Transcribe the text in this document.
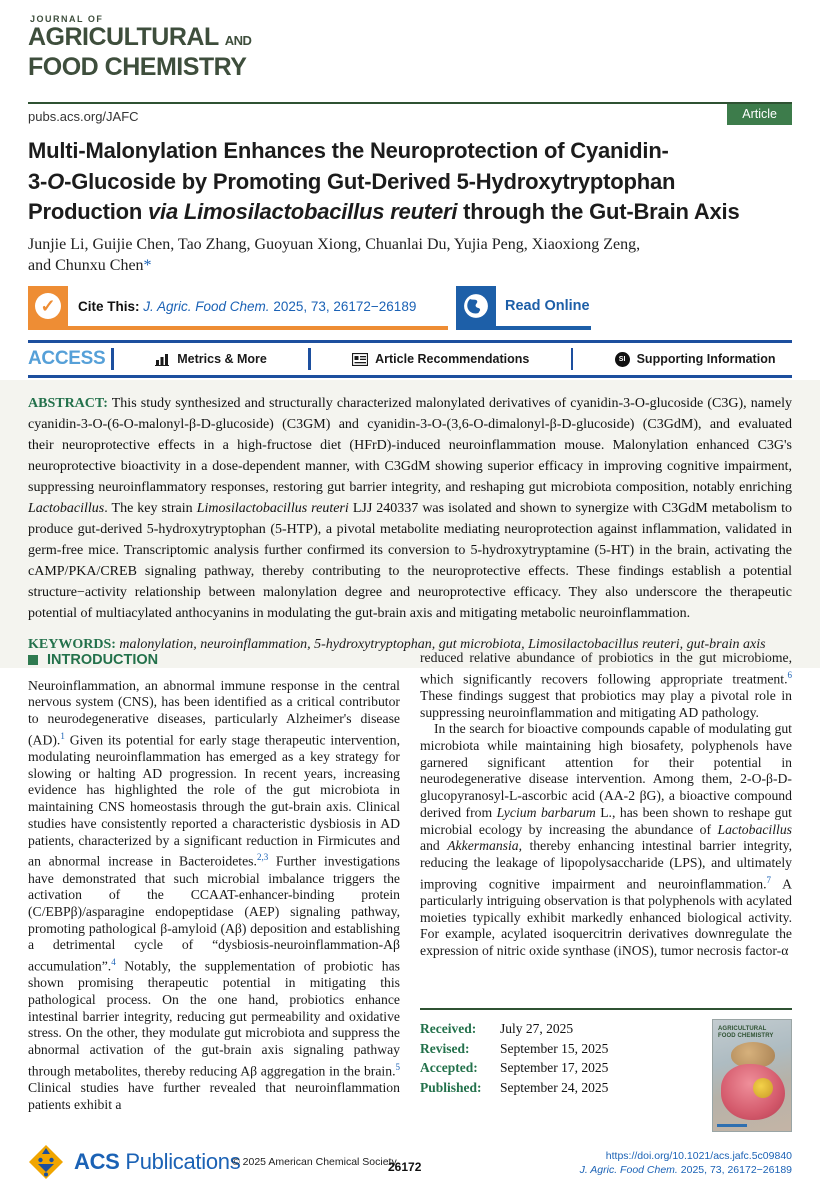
JOURNAL OF
AGRICULTURAL AND
FOOD CHEMISTRY
pubs.acs.org/JAFC	Article
Multi-Malonylation Enhances the Neuroprotection of Cyanidin-
3-O-Glucoside by Promoting Gut-Derived 5-Hydroxytryptophan
Production via Limosilactobacillus reuteri through the Gut-Brain Axis
Junjie Li, Guijie Chen, Tao Zhang, Guoyuan Xiong, Chuanlai Du, Yujia Peng, Xiaoxiong Zeng,
and Chunxu Chen*
✓	Cite This: J. Agric. Food Chem. 2025, 73, 26172−26189	Read Online
ACCESS	Metrics & More	Article Recommendations	SI Supporting Information
ABSTRACT: This study synthesized and structurally characterized malonylated derivatives of cyanidin-3-O-glucoside (C3G), namely cyanidin-3-O-(6-O-malonyl-β-D-glucoside) (C3GM) and cyanidin-3-O-(3,6-O-dimalonyl-β-D-glucoside) (C3GdM), and evaluated their neuroprotective effects in a high-fructose diet (HFrD)-induced neuroinflammation mouse. Malonylation enhanced C3G's neuroprotective bioactivity in a dose-dependent manner, with C3GdM showing superior efficacy in improving cognitive impairment, suppressing neuroinflammatory responses, restoring gut barrier integrity, and reshaping gut microbiota composition, notably enriching Lactobacillus. The key strain Limosilactobacillus reuteri LJJ 240337 was isolated and shown to synergize with C3GdM metabolism to produce gut-derived 5-hydroxytryptophan (5-HTP), a pivotal metabolite mediating neuroprotection against inflammation, validated in germ-free mice. Transcriptomic analysis further confirmed its conversion to 5-hydroxytryptamine (5-HT) in the brain, activating the cAMP/PKA/CREB signaling pathway, thereby contributing to the neuroprotective effects. These findings establish a potential structure−activity relationship between malonylation degree and neuroprotective efficacy. They also underscore the therapeutic potential of multiacylated anthocyanins in modulating the gut-brain axis and mitigating metabolic neuroinflammation.
KEYWORDS: malonylation, neuroinflammation, 5-hydroxytryptophan, gut microbiota, Limosilactobacillus reuteri, gut-brain axis
INTRODUCTION

Neuroinflammation, an abnormal immune response in the central nervous system (CNS), has been identified as a critical contributor to neurodegenerative diseases, particularly Alzheimer's disease (AD).$^1$ Given its potential for early stage therapeutic intervention, modulating neuroinflammation has emerged as a key strategy for slowing or halting AD progression. In recent years, increasing evidence has highlighted the role of the gut microbiota in maintaining CNS homeostasis through the gut-brain axis. Clinical studies have consistently reported a characteristic dysbiosis in AD patients, characterized by a significant reduction in Firmicutes and an abnormal increase in Bacteroidetes.$^{2,3}$ Further investigations have demonstrated that such microbial imbalance triggers the activation of the CCAAT-enhancer-binding protein (C/EBPβ)/asparagine endopeptidase (AEP) signaling pathway, promoting pathological β-amyloid (Aβ) deposition and establishing a detrimental cycle of “dysbiosis-neuroinflammation-Aβ accumulation”.$^4$ Notably, the supplementation of probiotic has shown promising therapeutic potential in mitigating this pathological process. On the one hand, probiotics enhance intestinal barrier integrity, reducing gut permeability and oxidative stress. On the other, they modulate gut microbiota and suppress the abnormal activation of the gut-brain axis signaling pathway through metabolites, thereby reducing Aβ aggregation in the brain.$^5$ Clinical studies have further revealed that neuroinflammation patients exhibit a

reduced relative abundance of probiotics in the gut microbiome, which significantly recovers following appropriate treatment.$^6$ These findings suggest that probiotics may play a pivotal role in suppressing neuroinflammation and mitigating AD pathology.

In the search for bioactive compounds capable of modulating gut microbiota while maintaining high biosafety, polyphenols have garnered significant attention for their potential in neurodegenerative disease intervention. Among them, 2-O-β-D-glucopyranosyl-L-ascorbic acid (AA-2 βG), a bioactive compound derived from Lycium barbarum L., has been shown to reshape gut microbial ecology by increasing the abundance of Lactobacillus and Akkermansia, thereby enhancing intestinal barrier integrity, reducing the leakage of lipopolysaccharide (LPS), and ultimately improving cognitive impairment and neuroinflammation.$^7$ A particularly intriguing observation is that polyphenols with acylated moieties typically exhibit markedly enhanced biological activity. For example, acylated isoquercitrin derivatives downregulate the expression of nitric oxide synthase (iNOS), tumor necrosis factor-α

Received:	July 27, 2025
Revised:	September 15, 2025
Accepted:	September 17, 2025
Published:	September 24, 2025
AGRICULTURAL
FOOD CHEMISTRY
ACS Publications
© 2025 American Chemical Society
26172
https://doi.org/10.1021/acs.jafc.5c09840
J. Agric. Food Chem. 2025, 73, 26172−26189
